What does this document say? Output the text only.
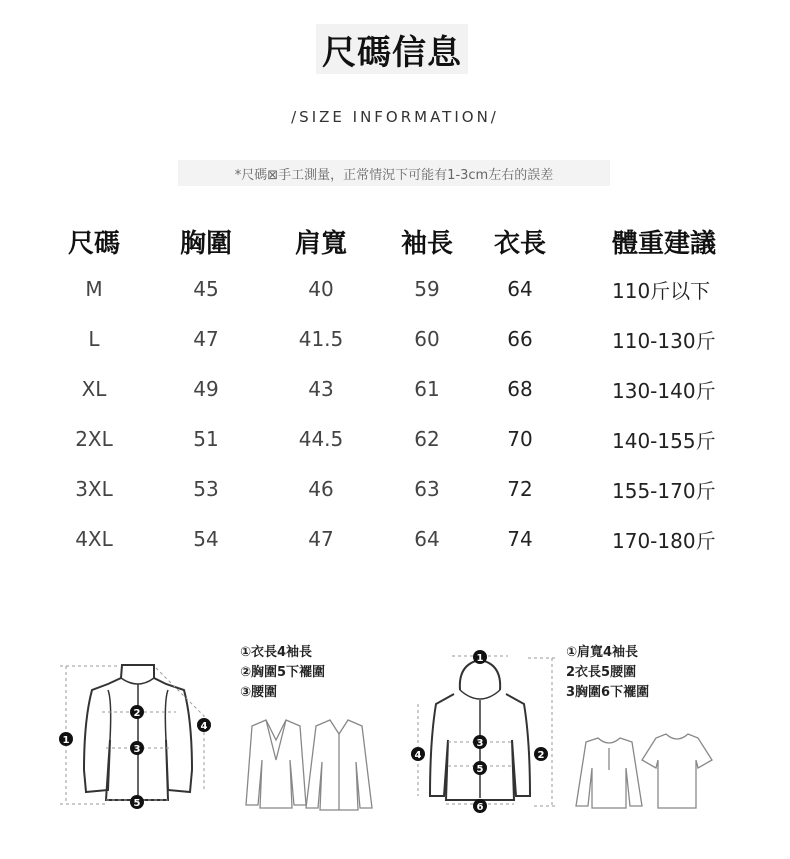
尺碼信息
/SIZE INFORMATION/
*尺碼⊠手工測量，正常情況下可能有1-3cm左右的誤差
尺碼	胸圍	肩寬	袖長	衣長	體重建議
M	45	40	59	64	110斤以下
L	47	41.5	60	66	110-130斤
XL	49	43	61	68	130-140斤
2XL	51	44.5	62	70	140-155斤
3XL	53	46	63	72	155-170斤
4XL	54	47	64	74	170-180斤
①衣長4袖長
②胸圍5下襬圍
③腰圍
①肩寬4袖長
2衣長5腰圍
3胸圍6下襬圍
1
2
3
4
5
1
2
3
4
5
6
